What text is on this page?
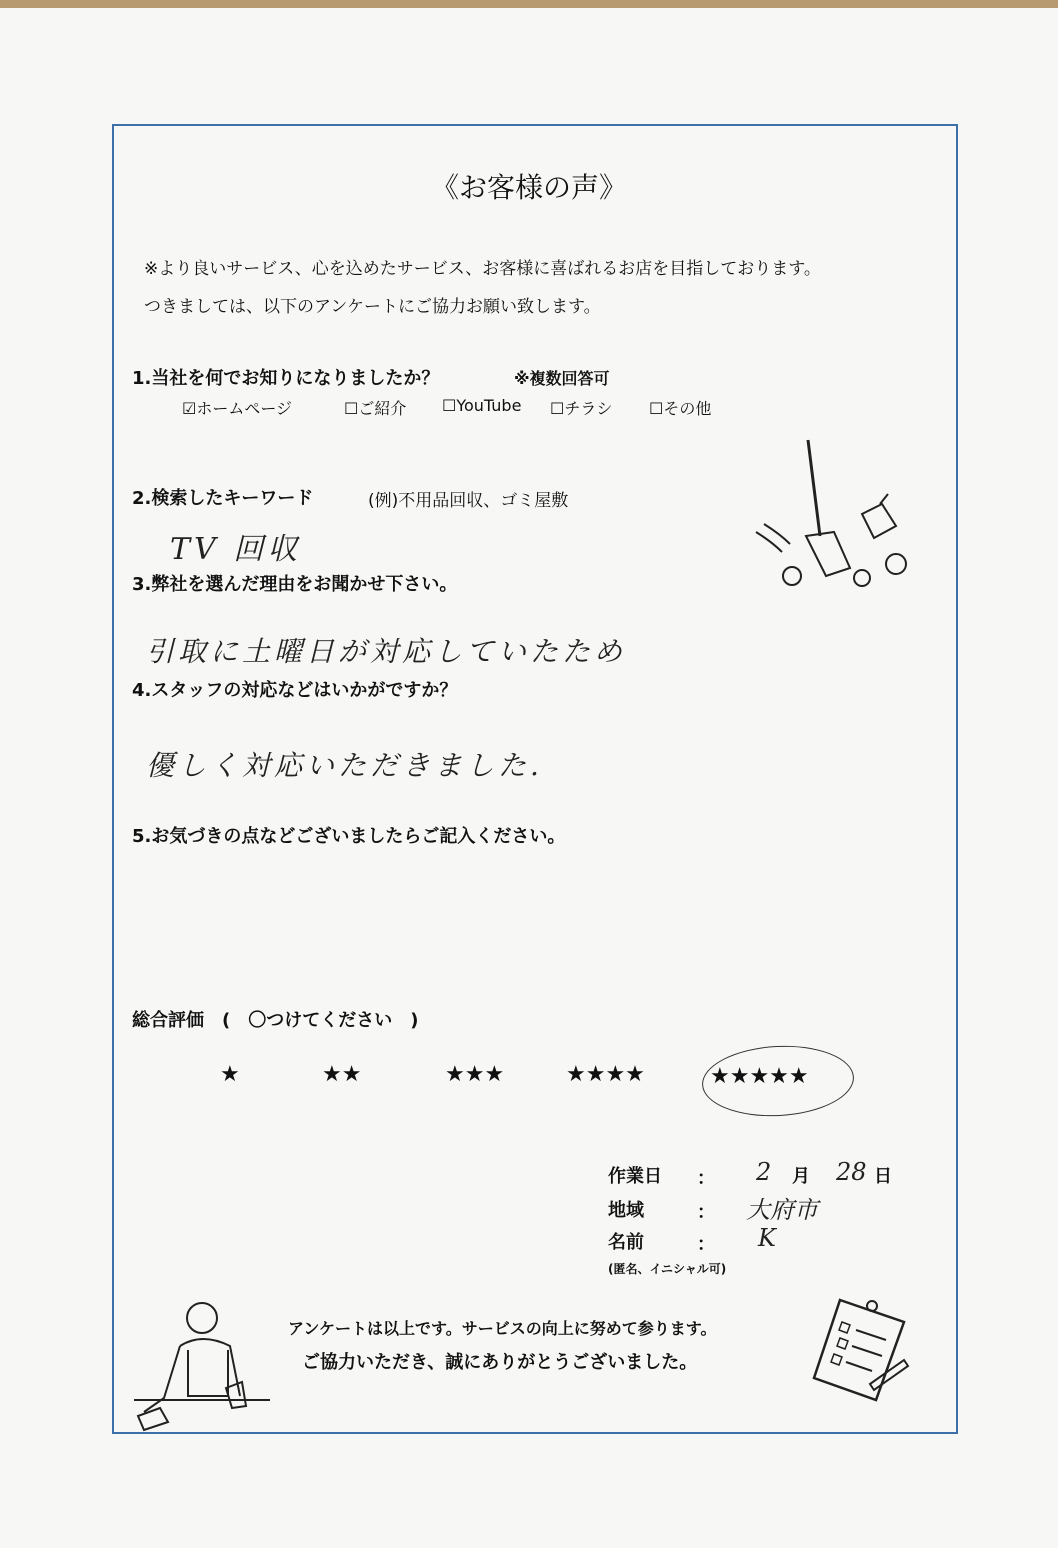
《お客様の声》
※より良いサービス、心を込めたサービス、お客様に喜ばれるお店を目指しております。
つきましては、以下のアンケートにご協力お願い致します。
1.当社を何でお知りになりましたか？	※複数回答可
☑ホームページ	☐ご紹介 ☐YouTube ☐チラシ ☐その他
2.検索したキーワード	(例)不用品回収、ゴミ屋敷
TV 回収
3.弊社を選んだ理由をお聞かせ下さい。
引取に土曜日が対応していたため
4.スタッフの対応などはいかがですか？
優しく対応いただきました.
5.お気づきの点などございましたらご記入ください。
総合評価　(　〇つけてください　)
★	★★	★★★	★★★★	★★★★★
作業日 ： 2 月 28 日
地域	： 大府市
名前	： K
(匿名、イニシャル可)
アンケートは以上です。サービスの向上に努めて参ります。
ご協力いただき、誠にありがとうございました。
